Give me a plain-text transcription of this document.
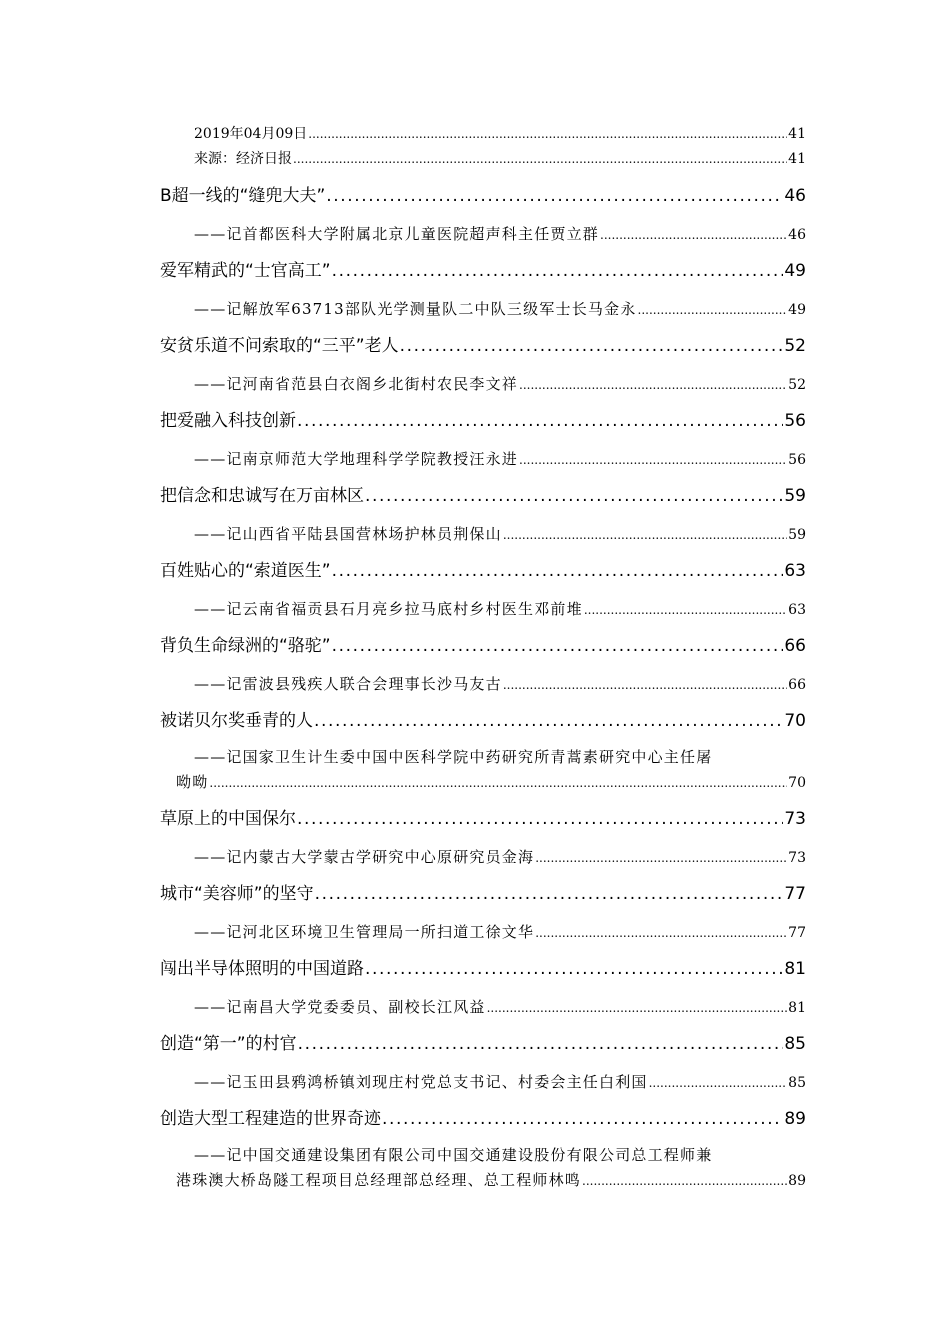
2019年04月09日 .....	41
来源：经济日报 .....	41
B超一线的“缝兜大夫” .....	46
——记首都医科大学附属北京儿童医院超声科主任贾立群 .....	46
爱军精武的“士官高工” .....	49
——记解放军63713部队光学测量队二中队三级军士长马金永 .....	49
安贫乐道不问索取的“三平”老人 .....	52
——记河南省范县白衣阁乡北街村农民李文祥 .....	52
把爱融入科技创新 .....	56
——记南京师范大学地理科学学院教授汪永进 .....	56
把信念和忠诚写在万亩林区 .....	59
——记山西省平陆县国营林场护林员荆保山 .....	59
百姓贴心的“索道医生” .....	63
——记云南省福贡县石月亮乡拉马底村乡村医生邓前堆 .....	63
背负生命绿洲的“骆驼” .....	66
——记雷波县残疾人联合会理事长沙马友古 .....	66
被诺贝尔奖垂青的人 .....	70
——记国家卫生计生委中国中医科学院中药研究所青蒿素研究中心主任屠
呦呦 .....	70
草原上的中国保尔 .....	73
——记内蒙古大学蒙古学研究中心原研究员金海 .....	73
城市“美容师”的坚守 .....	77
——记河北区环境卫生管理局一所扫道工徐文华 .....	77
闯出半导体照明的中国道路 .....	81
——记南昌大学党委委员、副校长江风益 .....	81
创造“第一”的村官 .....	85
——记玉田县鸦鸿桥镇刘现庄村党总支书记、村委会主任白利国 .....	85
创造大型工程建造的世界奇迹 .....	89
——记中国交通建设集团有限公司中国交通建设股份有限公司总工程师兼
港珠澳大桥岛隧工程项目总经理部总经理、总工程师林鸣 .....	89
